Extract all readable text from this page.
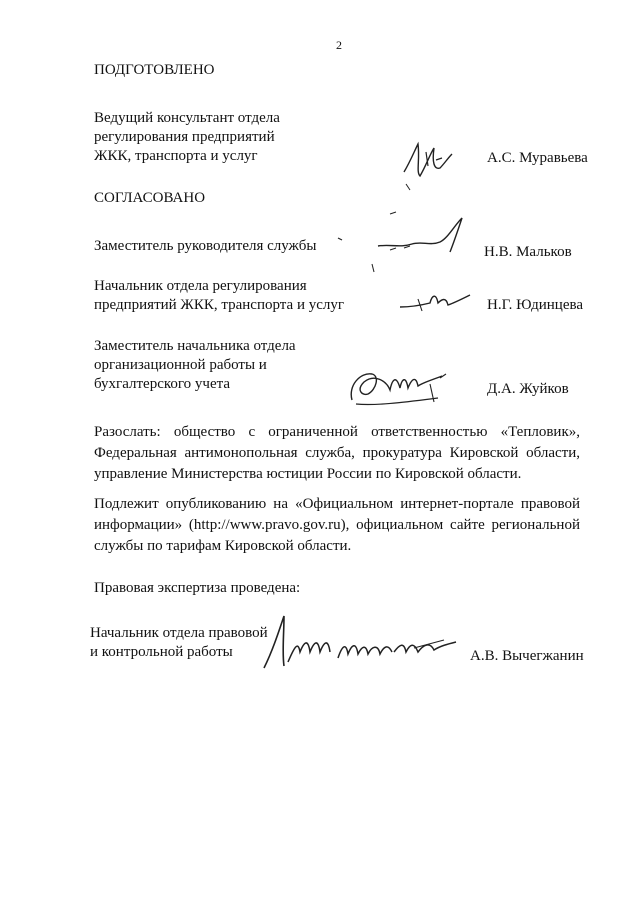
2
ПОДГОТОВЛЕНО
Ведущий консультант отдела
регулирования предприятий
ЖКК, транспорта и услуг	А.С. Муравьева
СОГЛАСОВАНО
Заместитель руководителя службы	Н.В. Мальков
Начальник отдела регулирования
предприятий ЖКК, транспорта и услуг	Н.Г. Юдинцева
Заместитель начальника отдела
организационной работы и
бухгалтерского учета	Д.А. Жуйков
Разослать: общество с ограниченной ответственностью «Тепловик», Федеральная антимонопольная служба, прокуратура Кировской области, управление Министерства юстиции России по Кировской области.
Подлежит опубликованию на «Официальном интернет-портале правовой информации» (http://www.pravo.gov.ru), официальном сайте региональной службы по тарифам Кировской области.
Правовая экспертиза проведена:
Начальник отдела правовой
и контрольной работы	А.В. Вычегжанин
